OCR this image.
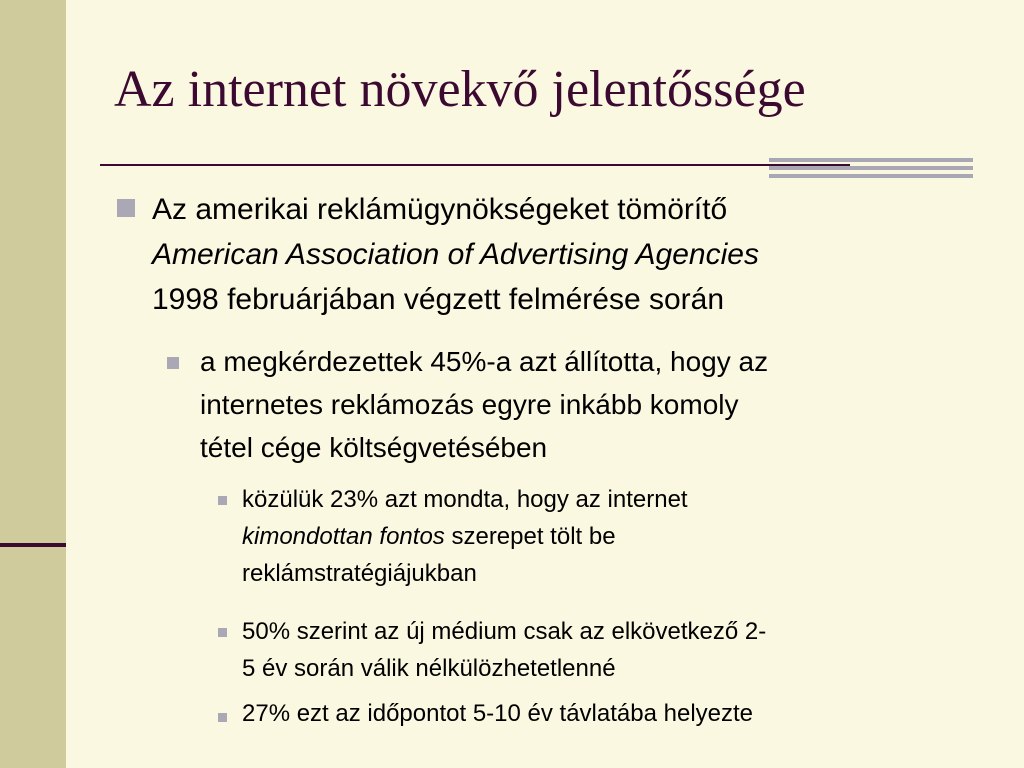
Az internet növekvő jelentőssége
Az amerikai reklámügynökségeket tömörítő
American Association of Advertising Agencies
1998 februárjában végzett felmérése során
a megkérdezettek 45%-a azt állította, hogy az
internetes reklámozás egyre inkább komoly
tétel cége költségvetésében
közülük 23% azt mondta, hogy az internet
kimondottan fontos szerepet tölt be
reklámstratégiájukban
50% szerint az új médium csak az elkövetkező 2-
5 év során válik nélkülözhetetlenné
27% ezt az időpontot 5-10 év távlatába helyezte
